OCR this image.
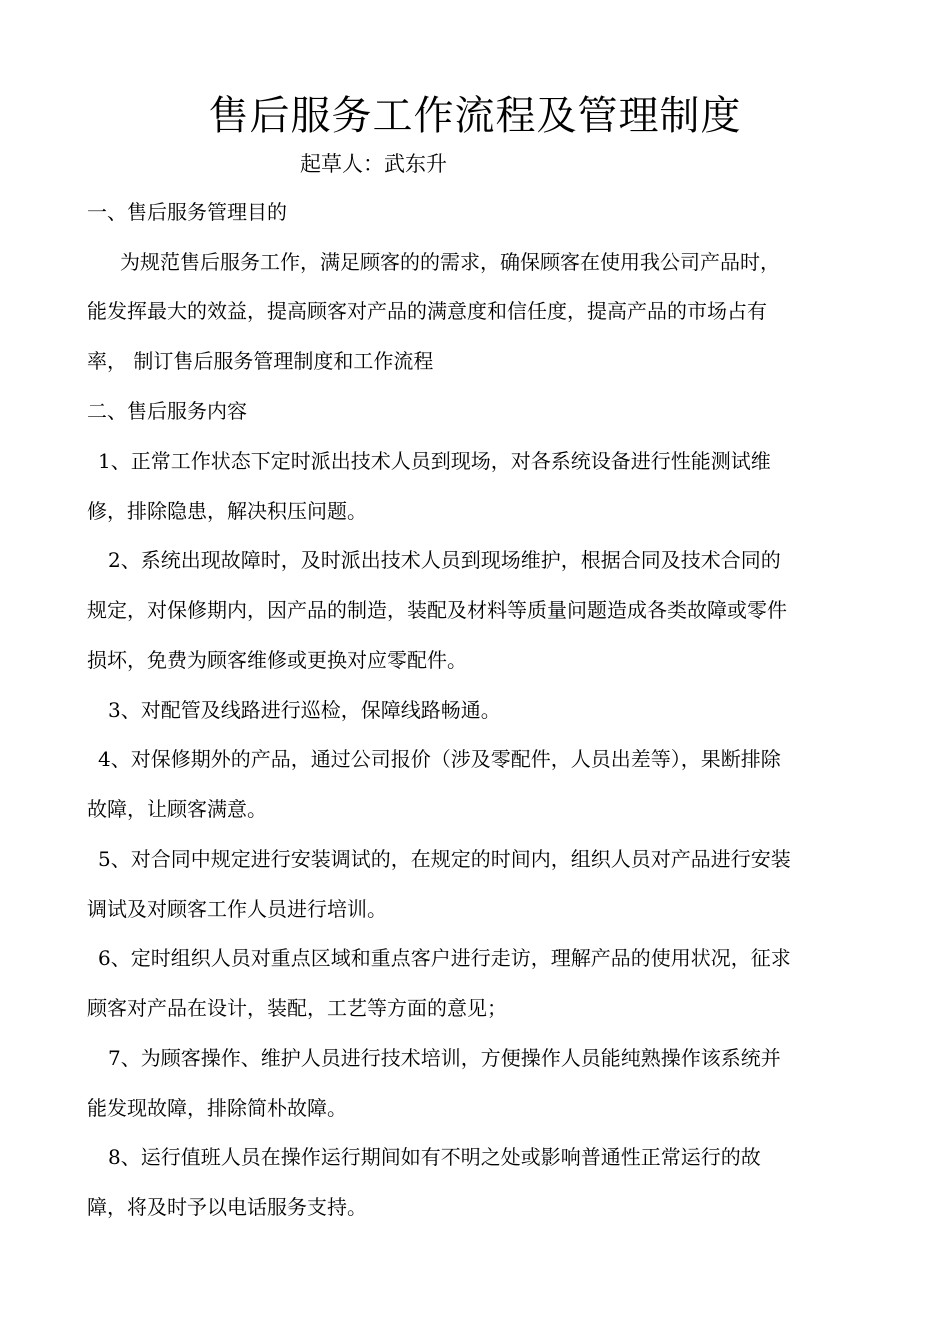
售后服务工作流程及管理制度
起草人：武东升
一、售后服务管理目的
为规范售后服务工作，满足顾客的的需求，确保顾客在使用我公司产品时，
能发挥最大的效益，提高顾客对产品的满意度和信任度，提高产品的市场占有
率， 制订售后服务管理制度和工作流程
二、售后服务内容
1、正常工作状态下定时派出技术人员到现场，对各系统设备进行性能测试维
修，排除隐患，解决积压问题。
2、系统出现故障时，及时派出技术人员到现场维护，根据合同及技术合同的
规定，对保修期内，因产品的制造，装配及材料等质量问题造成各类故障或零件
损坏，免费为顾客维修或更换对应零配件。
3、对配管及线路进行巡检，保障线路畅通。
4、对保修期外的产品，通过公司报价（涉及零配件，人员出差等），果断排除
故障，让顾客满意。
5、对合同中规定进行安装调试的，在规定的时间内，组织人员对产品进行安装
调试及对顾客工作人员进行培训。
6、定时组织人员对重点区域和重点客户进行走访，理解产品的使用状况，征求
顾客对产品在设计，装配，工艺等方面的意见；
7、为顾客操作、维护人员进行技术培训，方便操作人员能纯熟操作该系统并
能发现故障，排除简朴故障。
8、运行值班人员在操作运行期间如有不明之处或影响普通性正常运行的故
障，将及时予以电话服务支持。
